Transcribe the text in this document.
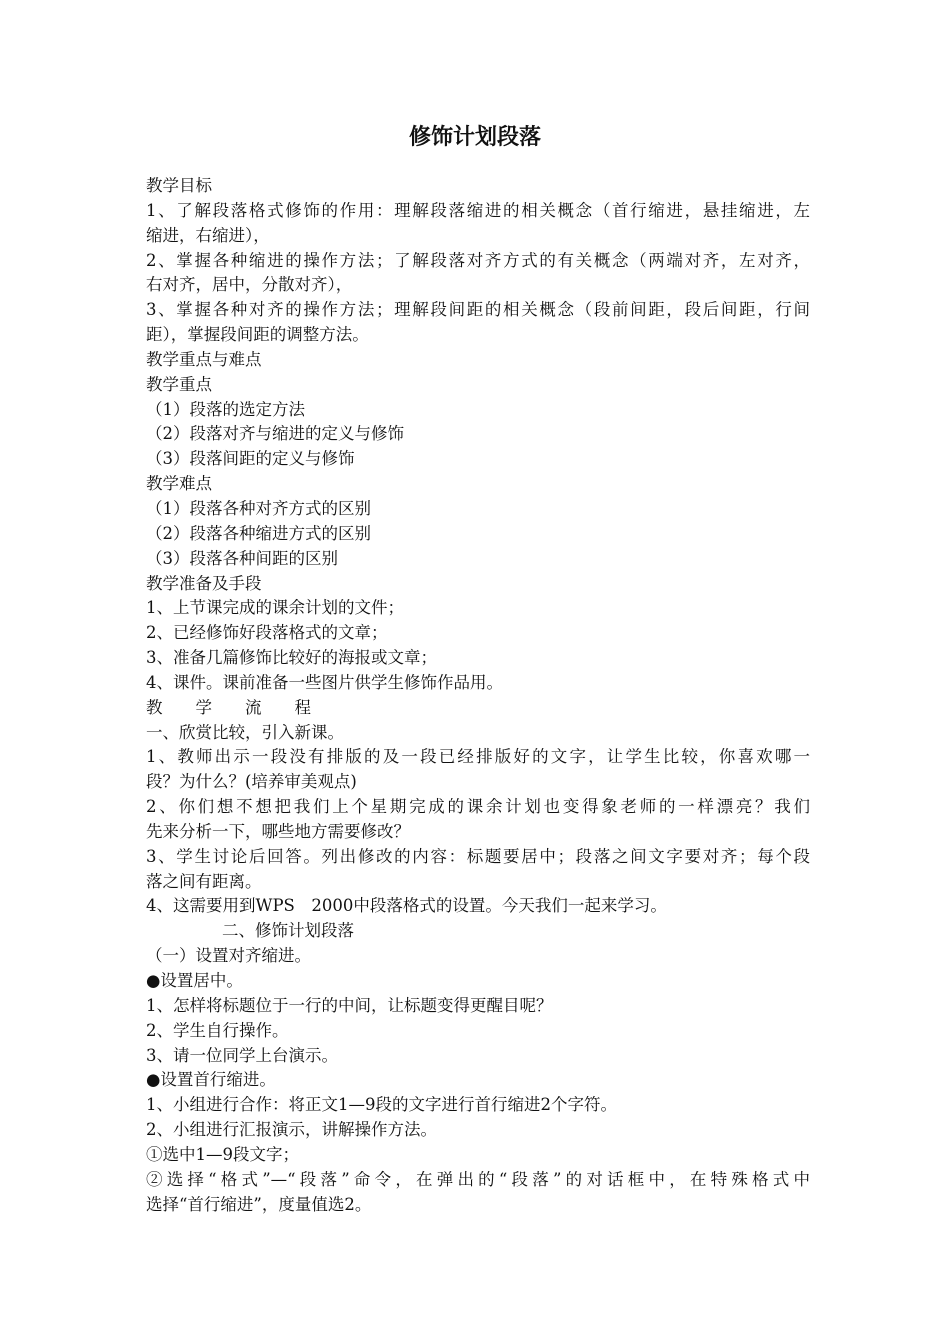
修饰计划段落

教学目标

1、了解段落格式修饰的作用：理解段落缩进的相关概念（首行缩进，悬挂缩进，左

缩进，右缩进），

2、掌握各种缩进的操作方法；了解段落对齐方式的有关概念（两端对齐，左对齐，

右对齐，居中，分散对齐），

3、掌握各种对齐的操作方法；理解段间距的相关概念（段前间距，段后间距，行间

距），掌握段间距的调整方法。

教学重点与难点

教学重点

（1）段落的选定方法

（2）段落对齐与缩进的定义与修饰

（3）段落间距的定义与修饰

教学难点

（1）段落各种对齐方式的区别

（2）段落各种缩进方式的区别

（3）段落各种间距的区别

教学准备及手段

1、上节课完成的课余计划的文件；

2、已经修饰好段落格式的文章；

3、准备几篇修饰比较好的海报或文章；

4、课件。课前准备一些图片供学生修饰作品用。

教　　学　　流　　程

一、欣赏比较，引入新课。

1、教师出示一段没有排版的及一段已经排版好的文字，让学生比较，你喜欢哪一

段？为什么？(培养审美观点)

2、你们想不想把我们上个星期完成的课余计划也变得象老师的一样漂亮？我们

先来分析一下，哪些地方需要修改？

3、学生讨论后回答。列出修改的内容：标题要居中；段落之间文字要对齐；每个段

落之间有距离。

4、这需要用到WPS　2000中段落格式的设置。今天我们一起来学习。

二、修饰计划段落

（一）设置对齐缩进。

●设置居中。

1、怎样将标题位于一行的中间，让标题变得更醒目呢？

2、学生自行操作。

3、请一位同学上台演示。

●设置首行缩进。

1、小组进行合作：将正文1—9段的文字进行首行缩进2个字符。

2、小组进行汇报演示，讲解操作方法。

①选中1—9段文字；

②选择“格式”—“段落”命令，在弹出的“段落”的对话框中，在特殊格式中

选择“首行缩进”，度量值选2。
